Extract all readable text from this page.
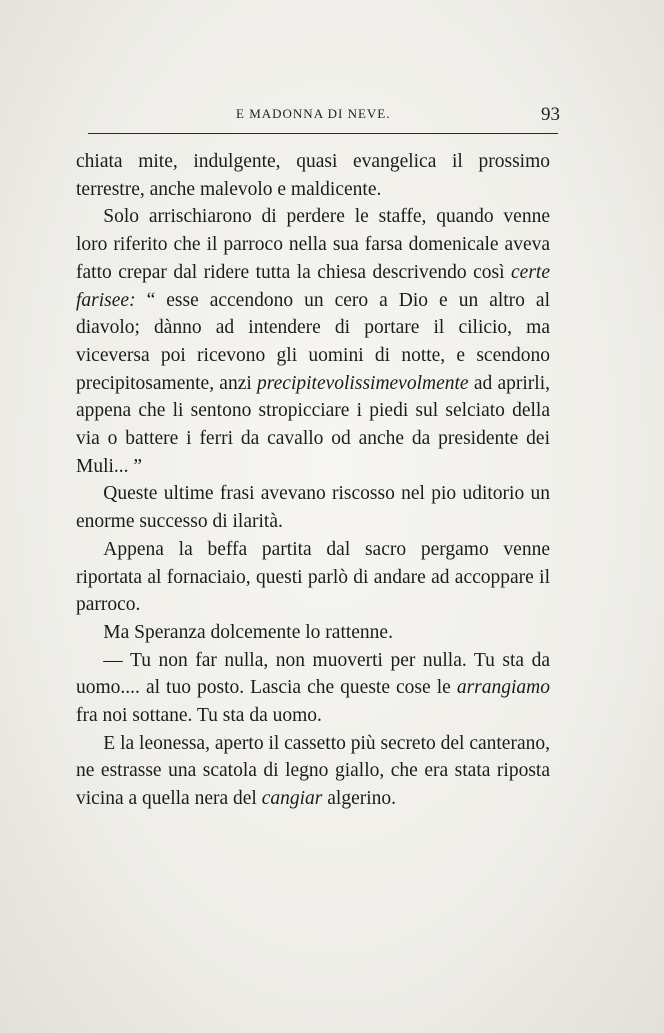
E MADONNA DI NEVE.	93

chiata mite, indulgente, quasi evangelica il prossimo terrestre, anche malevolo e maldicente.

Solo arrischiarono di perdere le staffe, quando venne loro riferito che il parroco nella sua farsa domenicale aveva fatto crepar dal ridere tutta la chiesa descrivendo così certe farisee: “ esse accendono un cero a Dio e un altro al diavolo; dànno ad intendere di portare il cilicio, ma viceversa poi ricevono gli uomini di notte, e scendono precipitosamente, anzi precipitevolissimevolmente ad aprirli, appena che li sentono stropicciare i piedi sul selciato della via o battere i ferri da cavallo od anche da presidente dei Muli... ”

Queste ultime frasi avevano riscosso nel pio uditorio un enorme successo di ilarità.

Appena la beffa partita dal sacro pergamo venne riportata al fornaciaio, questi parlò di andare ad accoppare il parroco.

Ma Speranza dolcemente lo rattenne.

— Tu non far nulla, non muoverti per nulla. Tu sta da uomo.... al tuo posto. Lascia che queste cose le arrangiamo fra noi sottane. Tu sta da uomo.

E la leonessa, aperto il cassetto più secreto del canterano, ne estrasse una scatola di legno giallo, che era stata riposta vicina a quella nera del cangiar algerino.
